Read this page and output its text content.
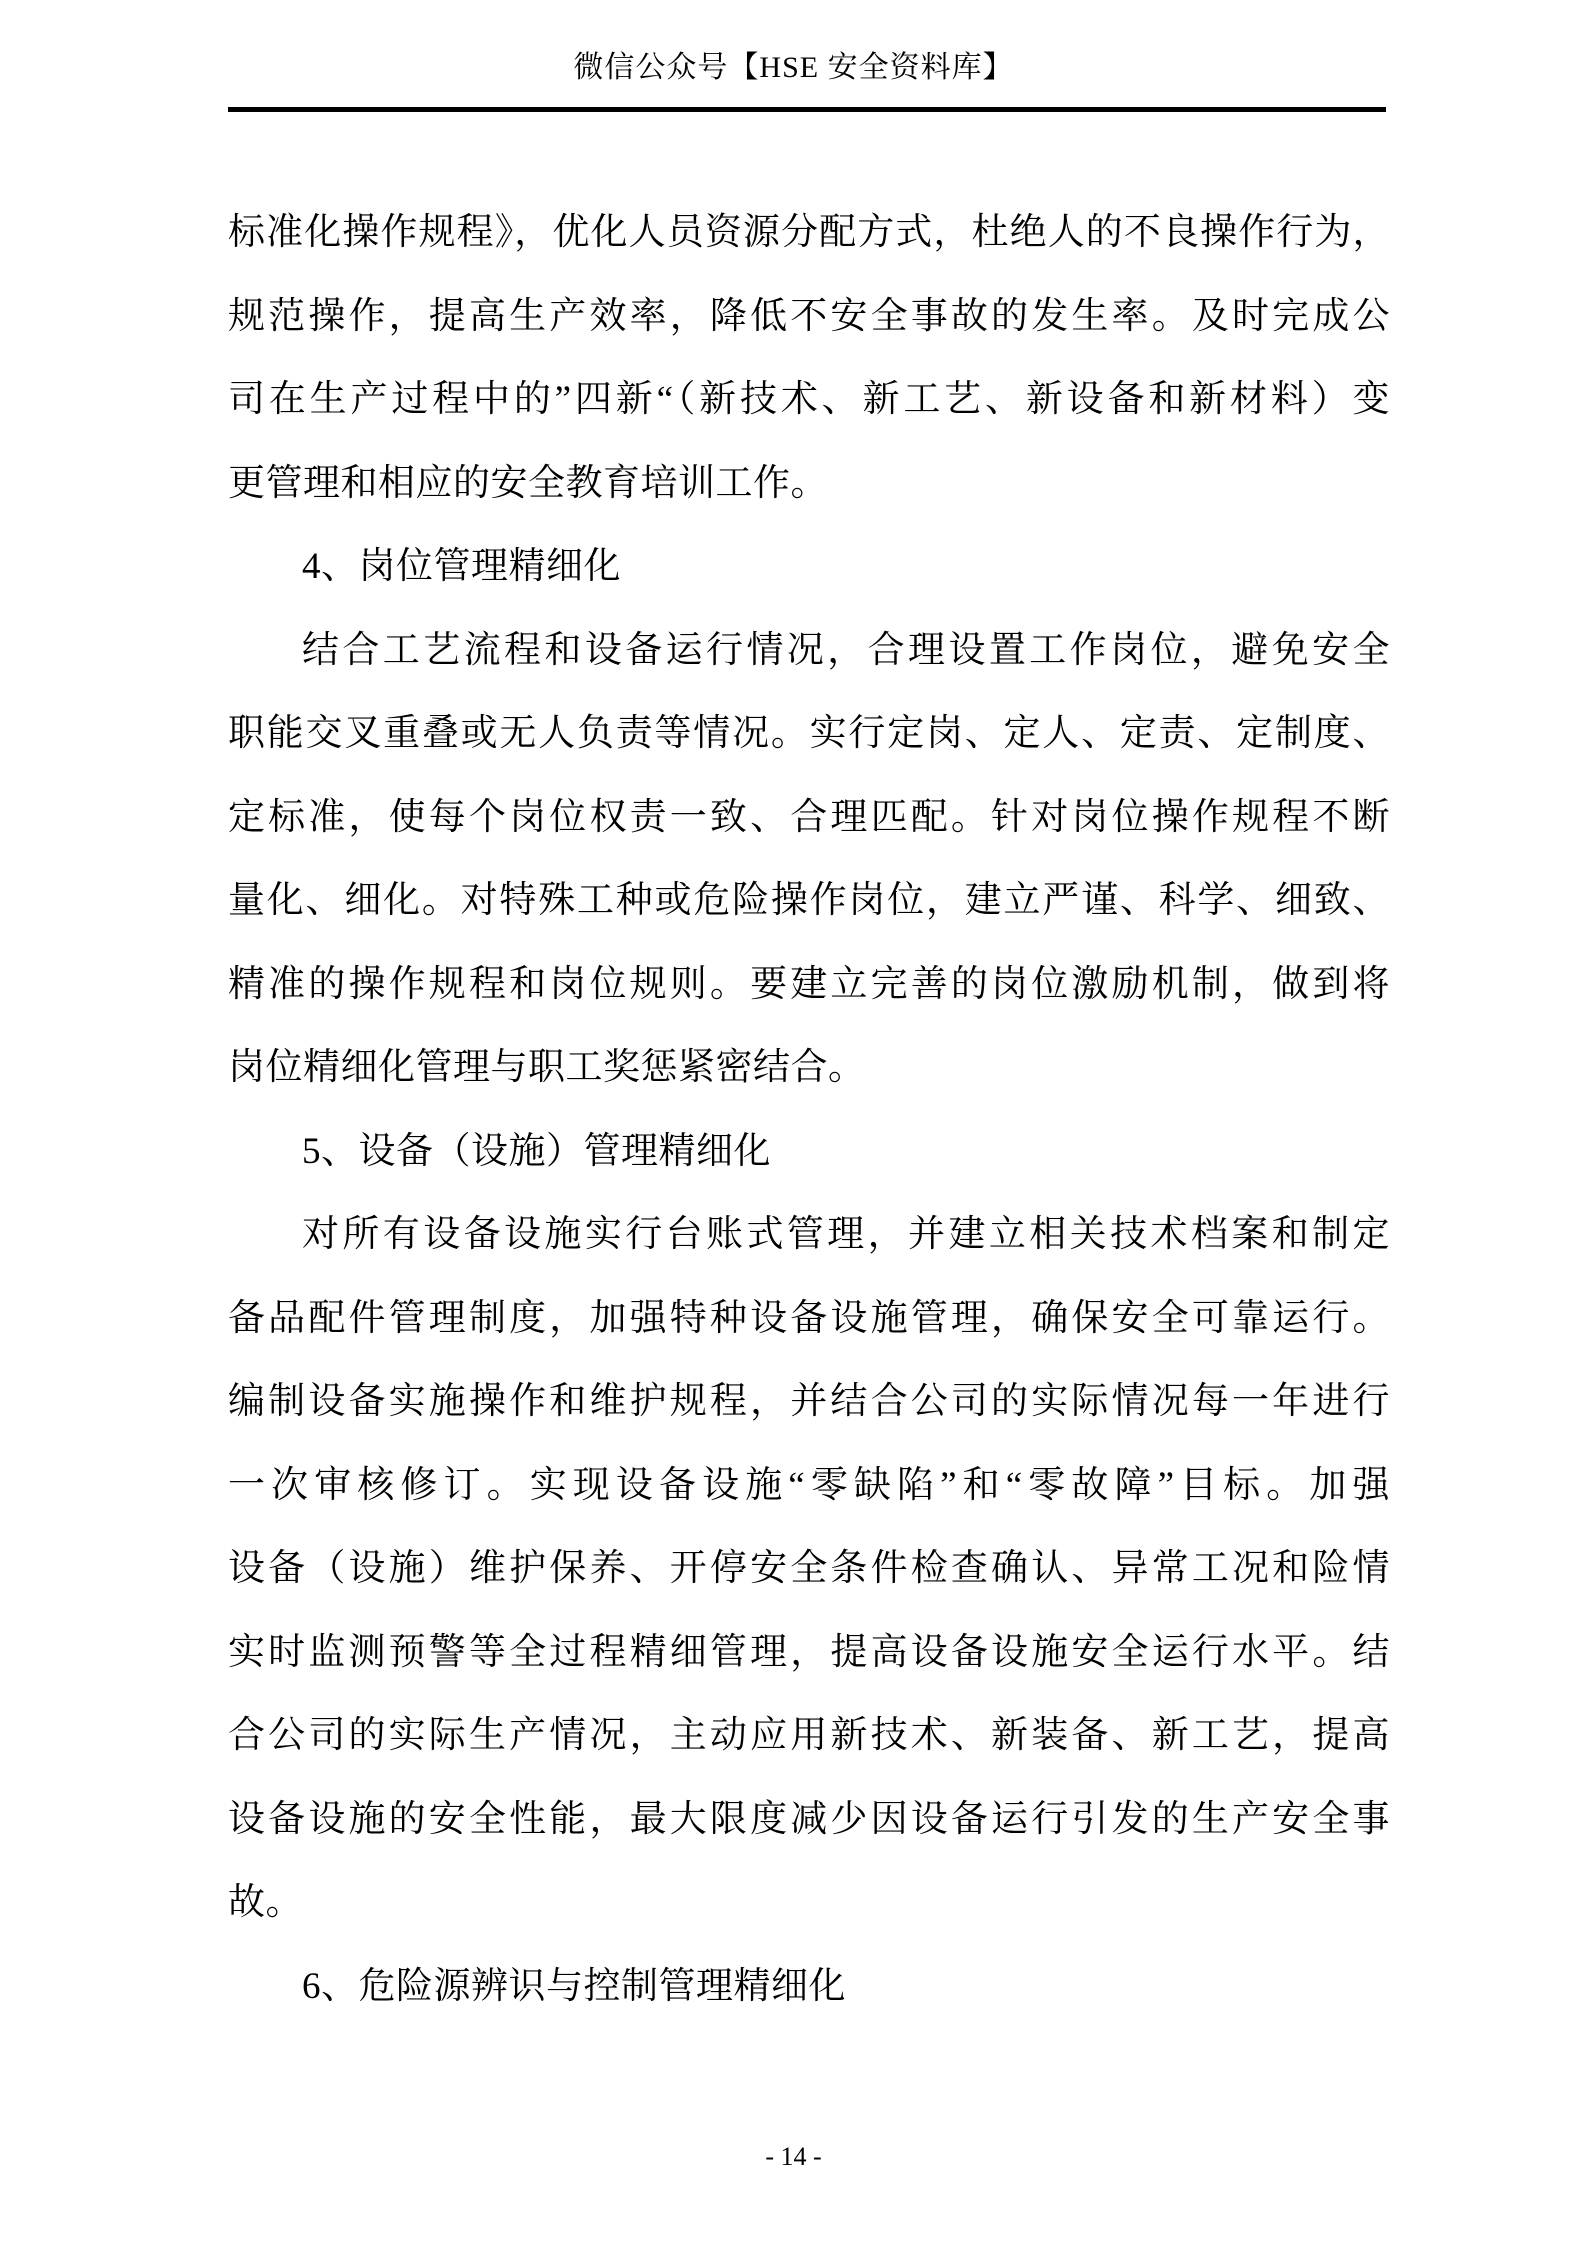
微信公众号【HSE 安全资料库】
标准化操作规程》，优化人员资源分配方式，杜绝人的不良操作行为，
规范操作，提高生产效率，降低不安全事故的发生率。及时完成公
司在生产过程中的”四新“（新技术、新工艺、新设备和新材料）变
更管理和相应的安全教育培训工作。
4、岗位管理精细化
结合工艺流程和设备运行情况，合理设置工作岗位，避免安全
职能交叉重叠或无人负责等情况。实行定岗、定人、定责、定制度、
定标准，使每个岗位权责一致、合理匹配。针对岗位操作规程不断
量化、细化。对特殊工种或危险操作岗位，建立严谨、科学、细致、
精准的操作规程和岗位规则。要建立完善的岗位激励机制，做到将
岗位精细化管理与职工奖惩紧密结合。
5、设备（设施）管理精细化
对所有设备设施实行台账式管理，并建立相关技术档案和制定
备品配件管理制度，加强特种设备设施管理，确保安全可靠运行。
编制设备实施操作和维护规程，并结合公司的实际情况每一年进行
一次审核修订。实现设备设施“零缺陷”和“零故障”目标。加强
设备（设施）维护保养、开停安全条件检查确认、异常工况和险情
实时监测预警等全过程精细管理，提高设备设施安全运行水平。结
合公司的实际生产情况，主动应用新技术、新装备、新工艺，提高
设备设施的安全性能，最大限度减少因设备运行引发的生产安全事
故。
6、危险源辨识与控制管理精细化
- 14 -
